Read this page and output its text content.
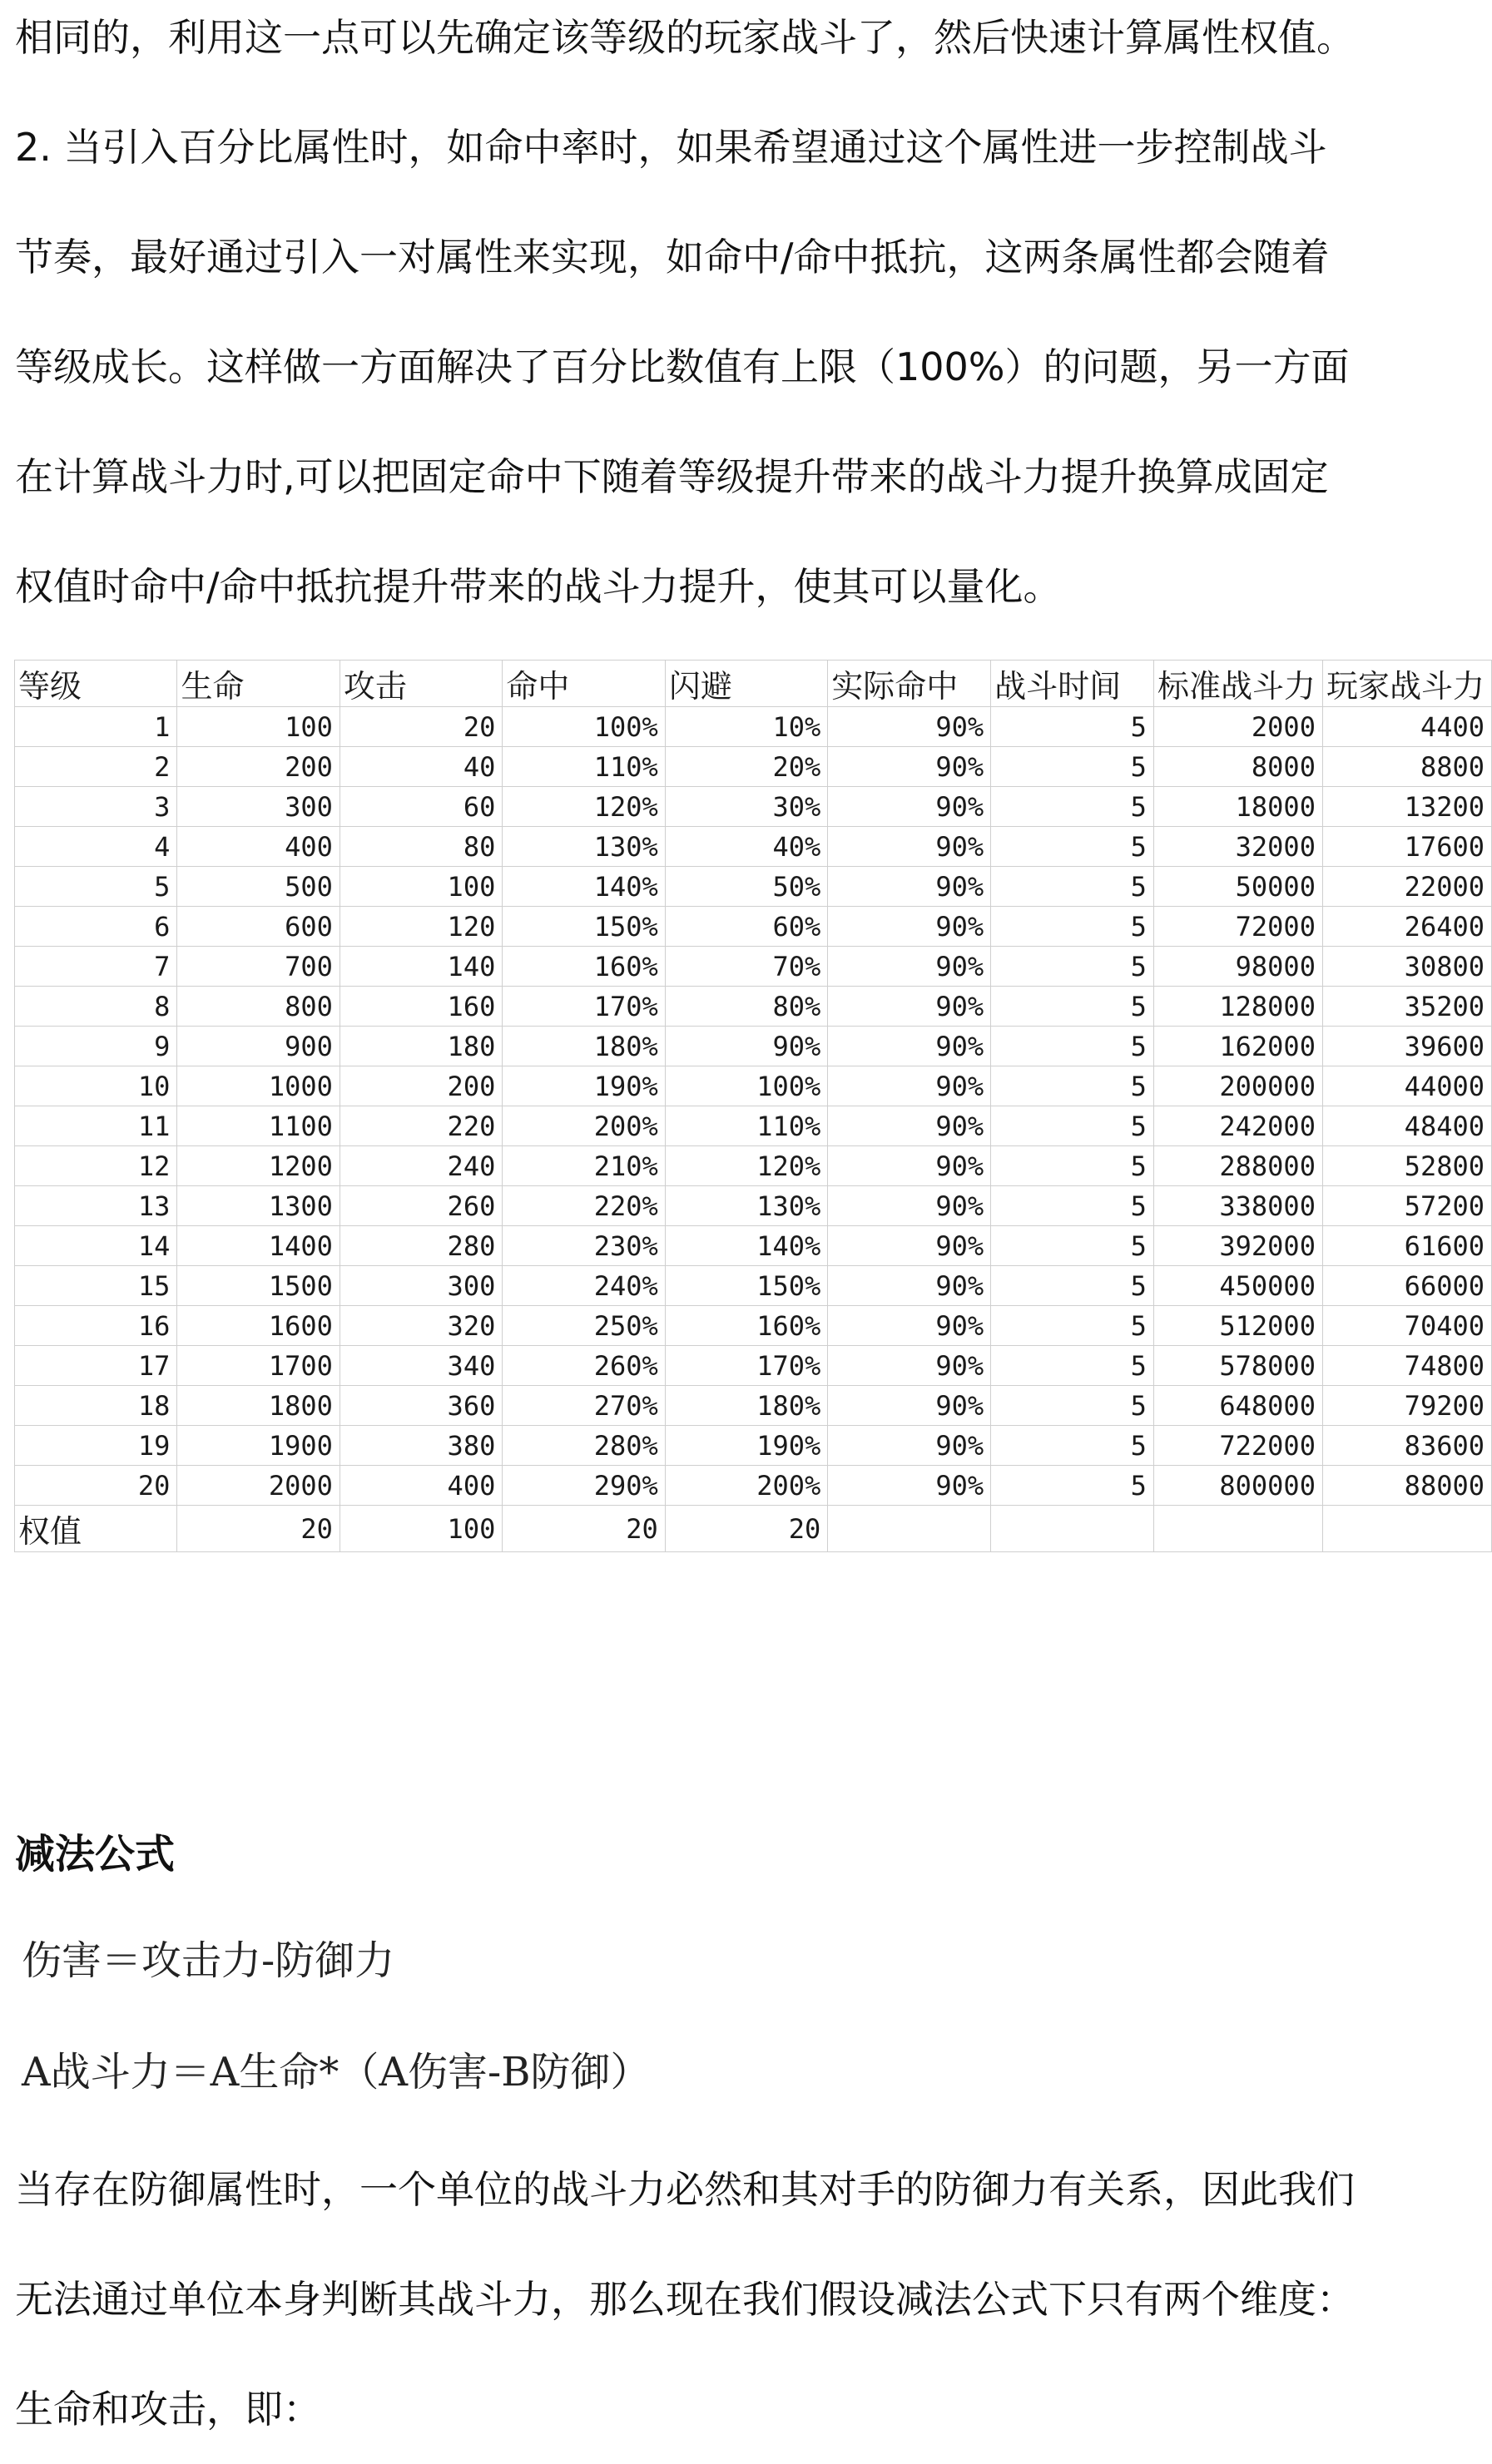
相同的，利用这一点可以先确定该等级的玩家战斗了，然后快速计算属性权值。
2. 当引入百分比属性时，如命中率时，如果希望通过这个属性进一步控制战斗
节奏，最好通过引入一对属性来实现，如命中/命中抵抗，这两条属性都会随着
等级成长。这样做一方面解决了百分比数值有上限（100%）的问题，另一方面
在计算战斗力时,可以把固定命中下随着等级提升带来的战斗力提升换算成固定
权值时命中/命中抵抗提升带来的战斗力提升，使其可以量化。
等级	生命	攻击	命中	闪避	实际命中	战斗时间	标准战斗力	玩家战斗力
1	100	20	100%	10%	90%	5	2000	4400
2	200	40	110%	20%	90%	5	8000	8800
3	300	60	120%	30%	90%	5	18000	13200
4	400	80	130%	40%	90%	5	32000	17600
5	500	100	140%	50%	90%	5	50000	22000
6	600	120	150%	60%	90%	5	72000	26400
7	700	140	160%	70%	90%	5	98000	30800
8	800	160	170%	80%	90%	5	128000	35200
9	900	180	180%	90%	90%	5	162000	39600
10	1000	200	190%	100%	90%	5	200000	44000
11	1100	220	200%	110%	90%	5	242000	48400
12	1200	240	210%	120%	90%	5	288000	52800
13	1300	260	220%	130%	90%	5	338000	57200
14	1400	280	230%	140%	90%	5	392000	61600
15	1500	300	240%	150%	90%	5	450000	66000
16	1600	320	250%	160%	90%	5	512000	70400
17	1700	340	260%	170%	90%	5	578000	74800
18	1800	360	270%	180%	90%	5	648000	79200
19	1900	380	280%	190%	90%	5	722000	83600
20	2000	400	290%	200%	90%	5	800000	88000
权值	20	100	20	20				
减法公式
伤害＝攻击力-防御力
A战斗力＝A生命*（A伤害-B防御）
当存在防御属性时，一个单位的战斗力必然和其对手的防御力有关系，因此我们
无法通过单位本身判断其战斗力，那么现在我们假设减法公式下只有两个维度：
生命和攻击，即：
